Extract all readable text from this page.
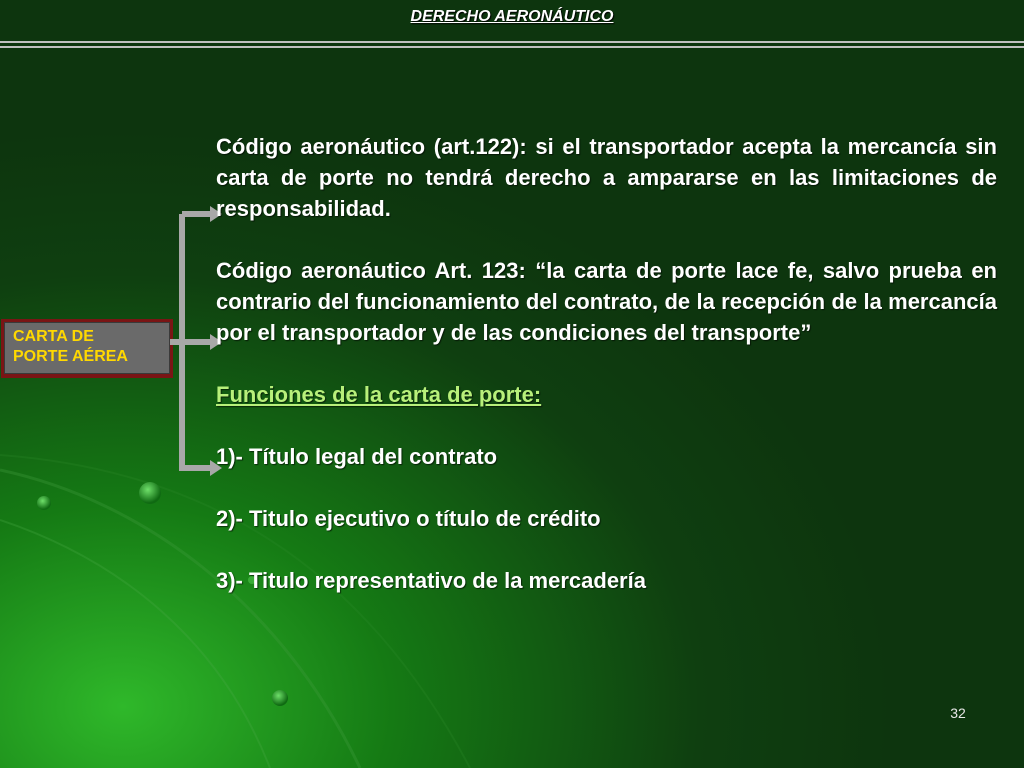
DERECHO AERONÁUTICO
CARTA DE
PORTE AÉREA

Código aeronáutico (art.122): si el transportador acepta la mercancía sin carta de porte no tendrá derecho a ampararse en las limitaciones de responsabilidad.

Código aeronáutico Art. 123: “la carta de porte lace fe, salvo prueba en contrario del funcionamiento del contrato, de la recepción de la mercancía por el transportador y de las condiciones del transporte”

Funciones de la carta de porte:

1)- Título legal del contrato

2)- Titulo ejecutivo o título de crédito

3)- Titulo representativo de la mercadería

32
